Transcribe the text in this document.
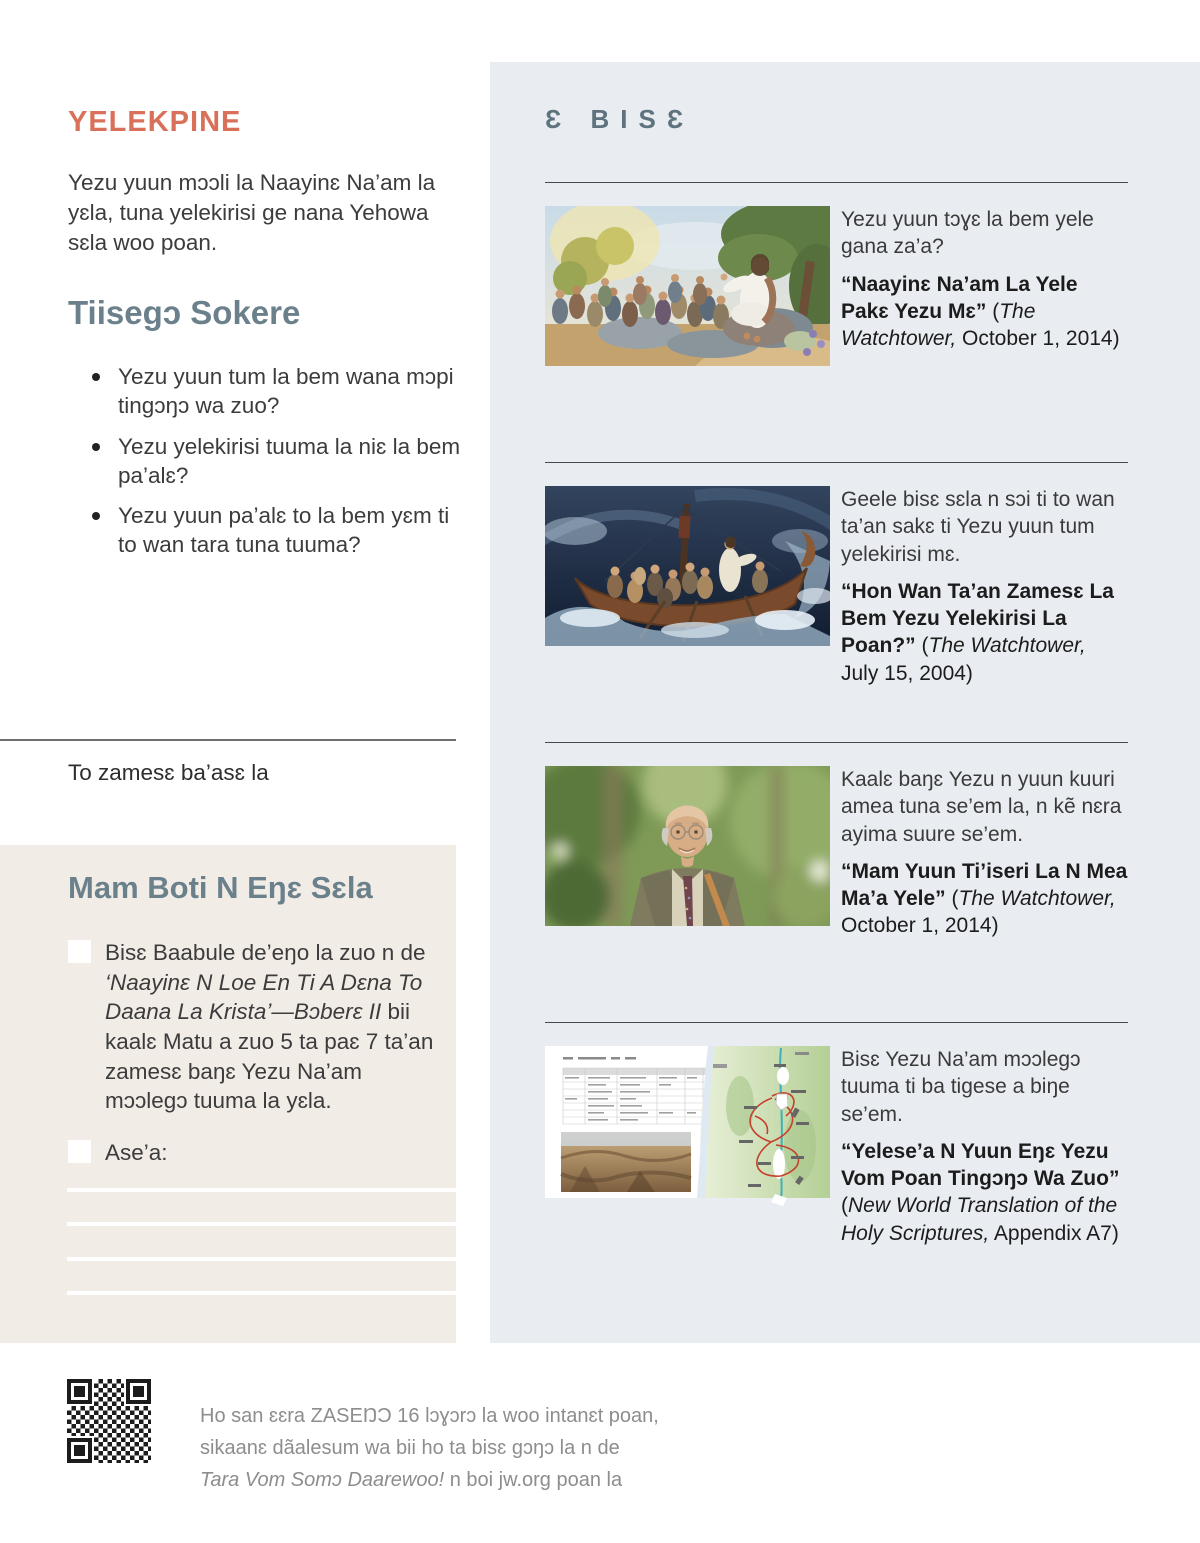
YELEKPINE

Yezu yuun mɔɔli la Naayinɛ Na’am la yɛla, tuna yelekirisi ge nana Yehowa sɛla woo poan.

Tiisegɔ Sokere
Yezu yuun tum la bem wana mɔpi tingɔŋɔ wa zuo?
Yezu yelekirisi tuuma la niɛ la bem pa’alɛ?
Yezu yuun pa’alɛ to la bem yɛm ti to wan tara tuna tuuma?
To zamesɛ ba’asɛ la
Mam Boti N Eŋɛ Sɛla

Bisɛ Baabule de’eŋo la zuo n de ‘Naayinɛ N Loe En Ti A Dɛna To Daana La Krista’—Bɔberɛ II bii kaalɛ Matu a zuo 5 ta paɛ 7 ta’an zamesɛ baŋɛ Yezu Na’am mɔɔlegɔ tuuma la yɛla.

Ase’a:

Ho san ɛɛra ZASEŊƆ 16 lɔɣɔrɔ la woo intanɛt poan,
sikaanɛ dãalesum wa bii ho ta bisɛ gɔŋɔ la n de
Tara Vom Somɔ Daarewoo! n boi jw.org poan la
Ɛ BISƐ

Yezu yuun tɔɣɛ la bem yele gana za’a?

“Naayinɛ Na’am La Yele Pakɛ Yezu Mɛ” (The Watchtower, October 1, 2014)

Geele bisɛ sɛla n sɔi ti to wan ta’an sakɛ ti Yezu yuun tum yelekirisi mɛ.

“Hon Wan Ta’an Zamesɛ La Bem Yezu Yelekirisi La Poan?” (The Watchtower, July 15, 2004)

Kaalɛ baŋɛ Yezu n yuun kuuri amea tuna se’em la, n kẽ nɛra ayima suure se’em.

“Mam Yuun Ti’iseri La N Mea Ma’a Yele” (The Watchtower, October 1, 2014)

Bisɛ Yezu Na’am mɔɔlegɔ tuuma ti ba tigese a biŋe se’em.

“Yelese’a N Yuun Eŋɛ Yezu Vom Poan Tingɔŋɔ Wa Zuo” (New World Translation of the Holy Scriptures, Appendix A7)
